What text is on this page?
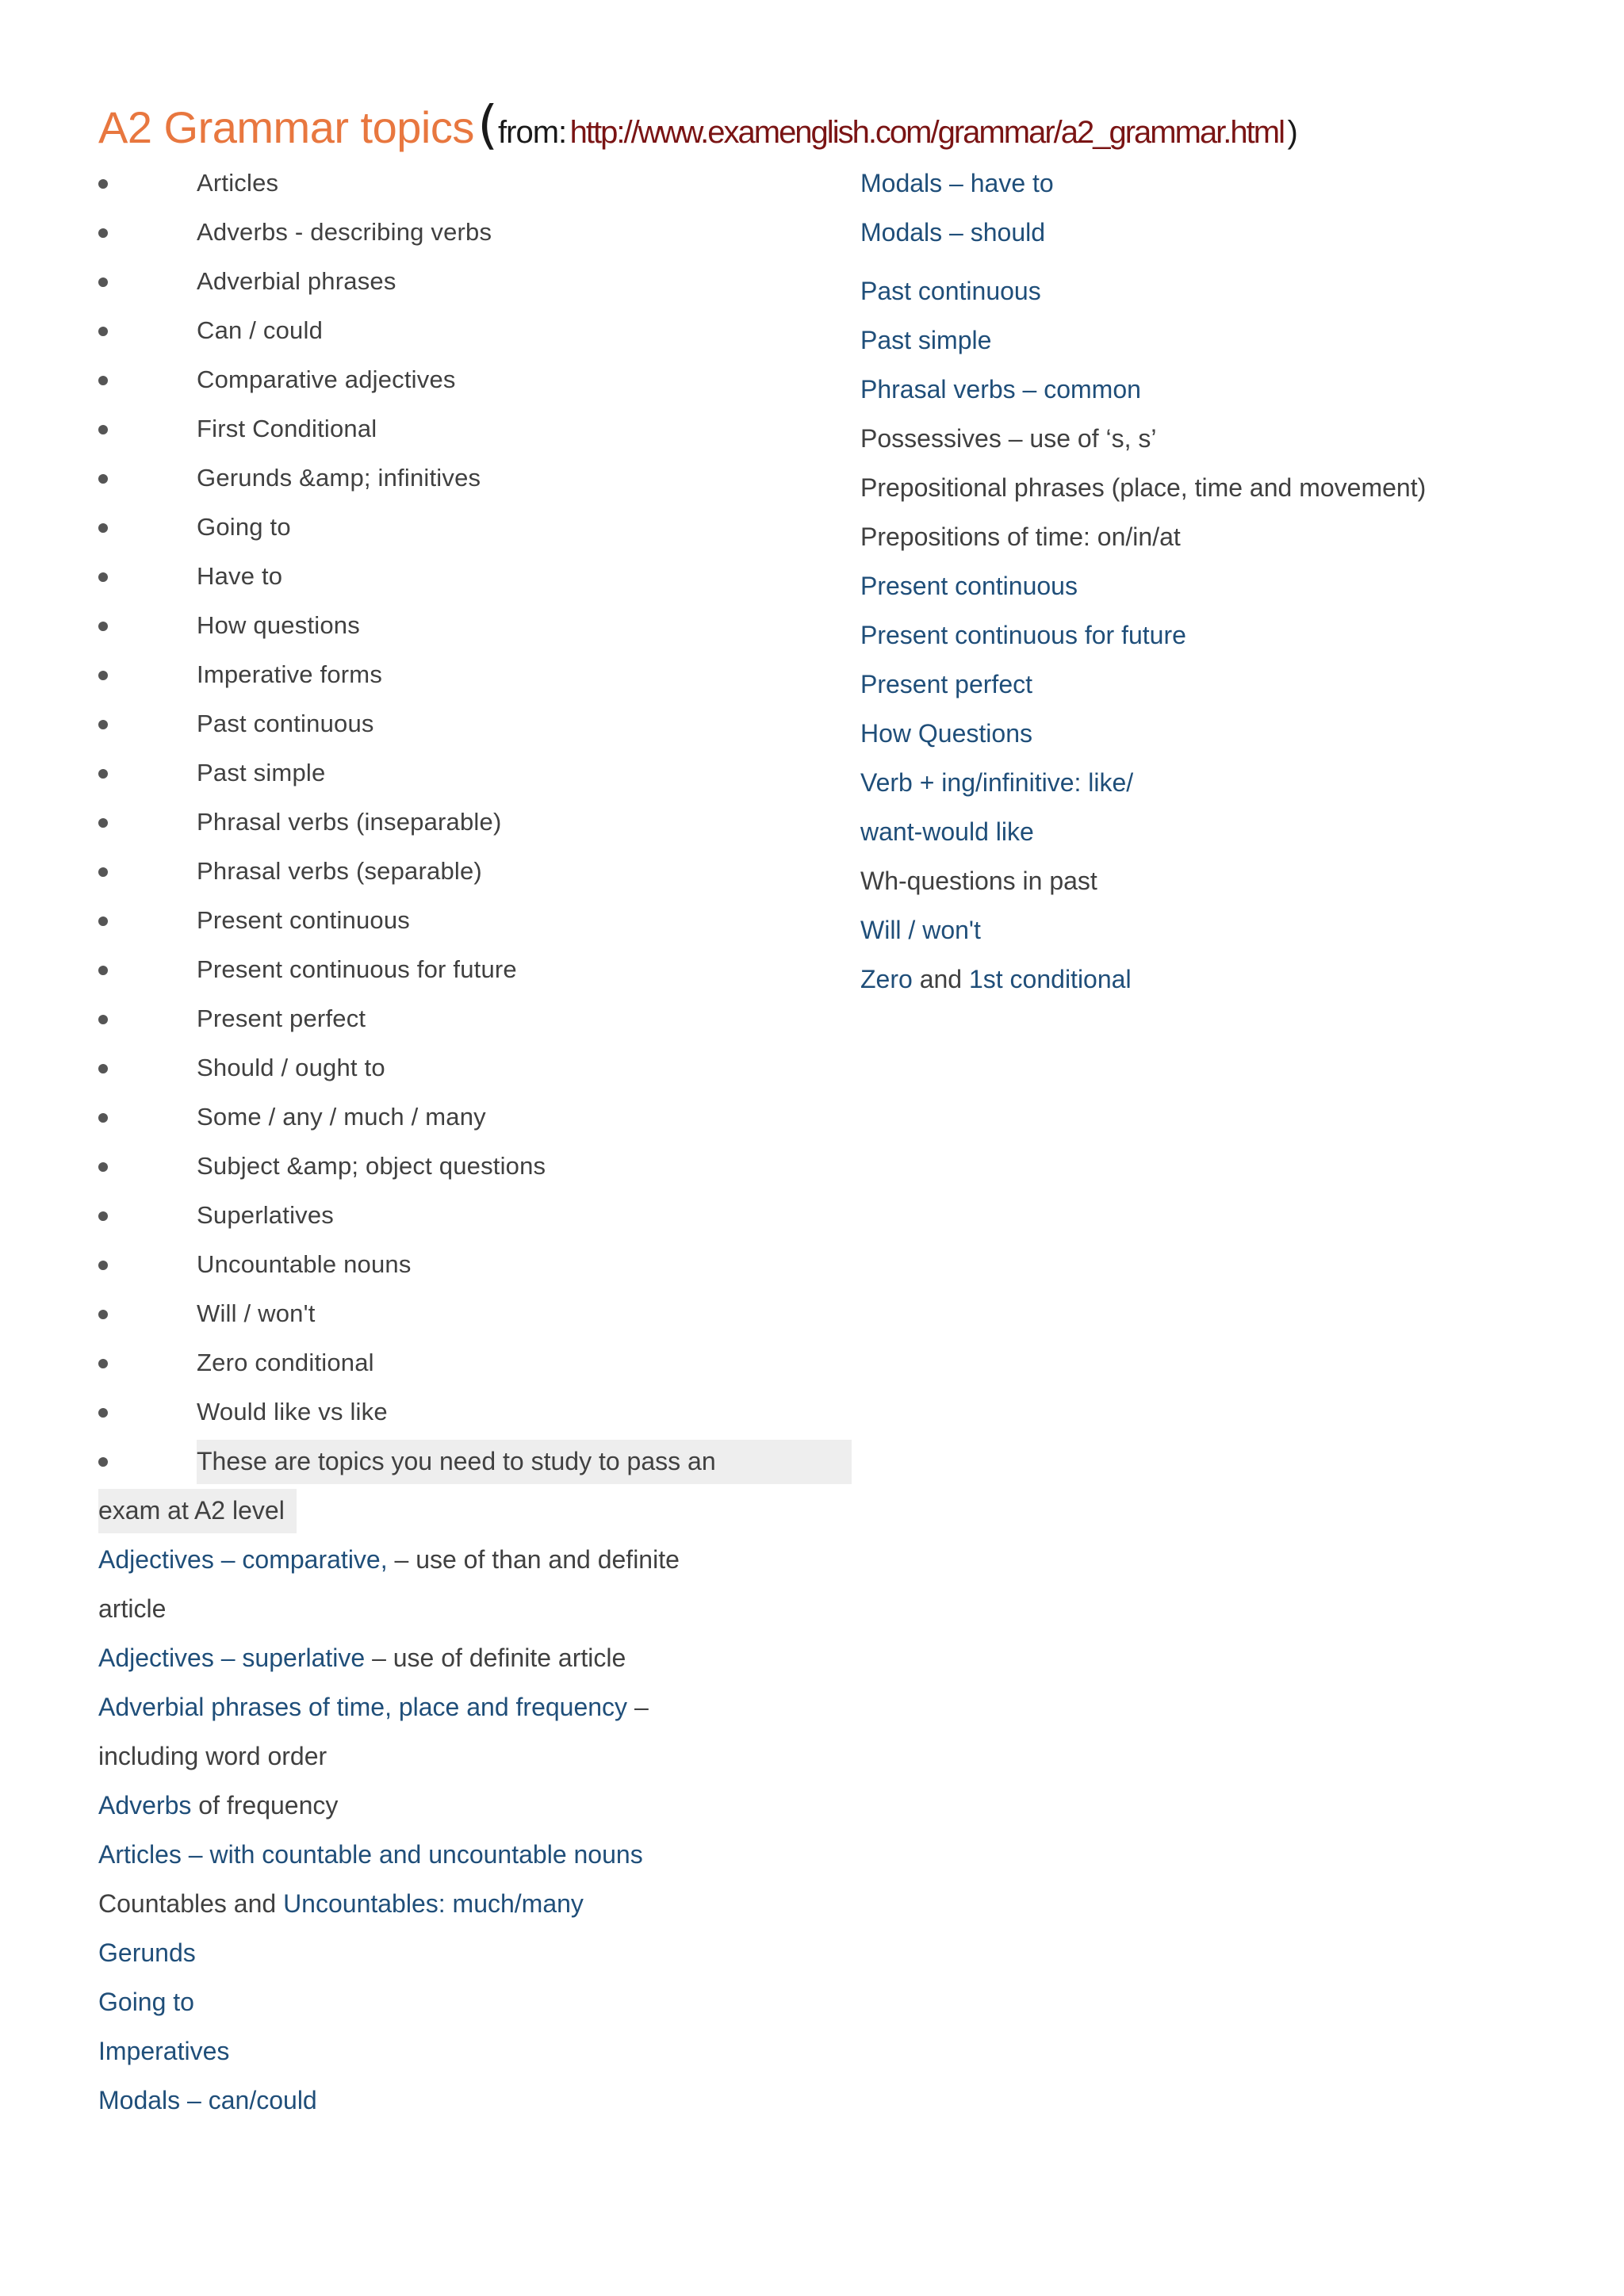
A2 Grammar topics (from: http://www.examenglish.com/grammar/a2_grammar.html )
Articles
Adverbs - describing verbs
Adverbial phrases
Can / could
Comparative adjectives
First Conditional
Gerunds &amp; infinitives
Going to
Have to
How questions
Imperative forms
Past continuous
Past simple
Phrasal verbs (inseparable)
Phrasal verbs (separable)
Present continuous
Present continuous for future
Present perfect
Should / ought to
Some / any / much / many
Subject &amp; object questions
Superlatives
Uncountable nouns
Will / won't
Zero conditional
Would like vs like
These are topics you need to study to pass an
exam at A2 level
Adjectives – comparative, – use of than and definite
article
Adjectives – superlative – use of definite article
Adverbial phrases of time, place and frequency –
including word order
Adverbs of frequency
Articles – with countable and uncountable nouns
Countables and Uncountables: much/many
Gerunds
Going to
Imperatives
Modals – can/could
Modals – have to
Modals – should
Past continuous
Past simple
Phrasal verbs – common
Possessives – use of ‘s, s’
Prepositional phrases (place, time and movement)
Prepositions of time: on/in/at
Present continuous
Present continuous for future
Present perfect
How Questions
Verb + ing/infinitive: like/
want-would like
Wh-questions in past
Will / won't
Zero and 1st conditional
